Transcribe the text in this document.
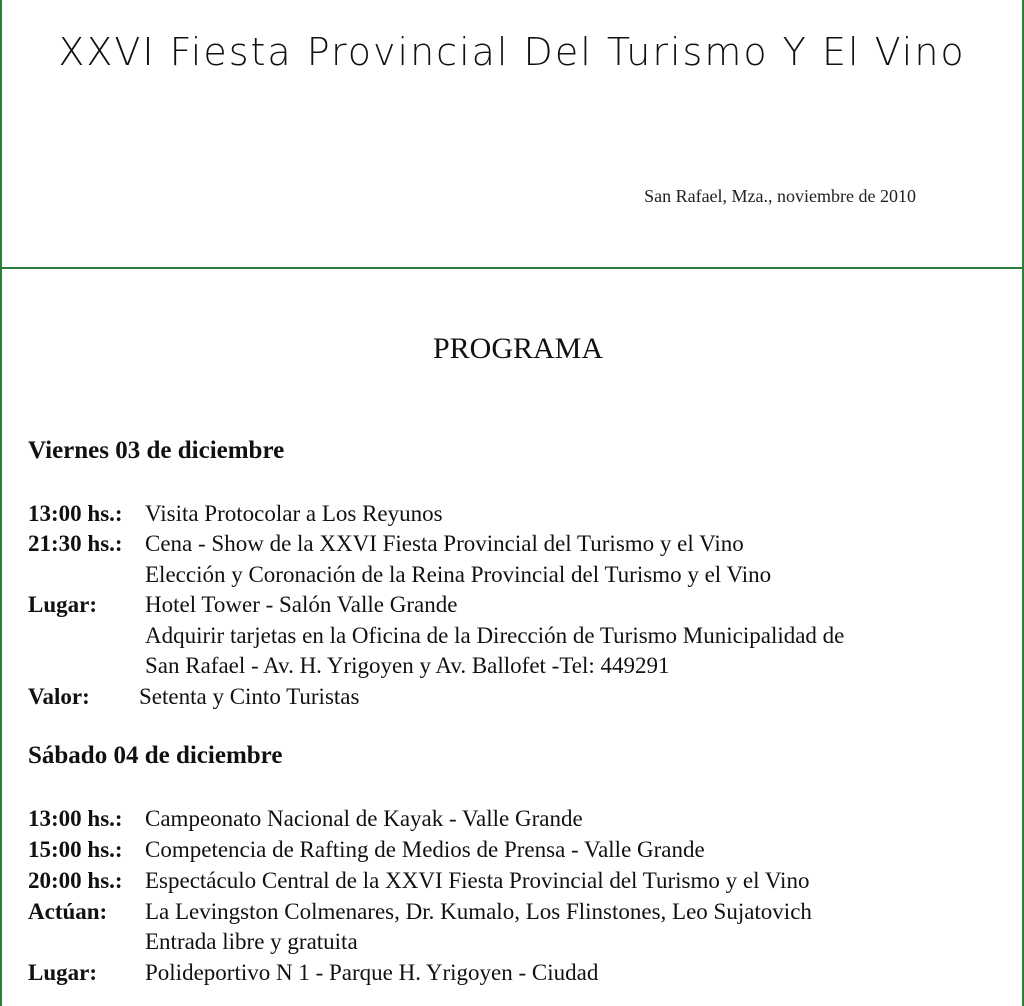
XXVI Fiesta Provincial Del Turismo Y El Vino
San Rafael, Mza., noviembre de 2010
PROGRAMA
Viernes 03 de diciembre
13:00 hs.: Visita Protocolar a Los Reyunos
21:30 hs.: Cena - Show de la XXVI Fiesta Provincial del Turismo y el Vino
Elección y Coronación de la Reina Provincial del Turismo y el Vino
Lugar: Hotel Tower - Salón Valle Grande
Adquirir tarjetas en la Oficina de la Dirección de Turismo Municipalidad de
San Rafael - Av. H. Yrigoyen y Av. Ballofet -Tel: 449291
Valor: Setenta y Cinto Turistas
Sábado 04 de diciembre
13:00 hs.: Campeonato Nacional de Kayak - Valle Grande
15:00 hs.: Competencia de Rafting de Medios de Prensa - Valle Grande
20:00 hs.: Espectáculo Central de la XXVI Fiesta Provincial del Turismo y el Vino
Actúan: La Levingston Colmenares, Dr. Kumalo, Los Flinstones, Leo Sujatovich
Entrada libre y gratuita
Lugar: Polideportivo N 1 - Parque H. Yrigoyen - Ciudad
